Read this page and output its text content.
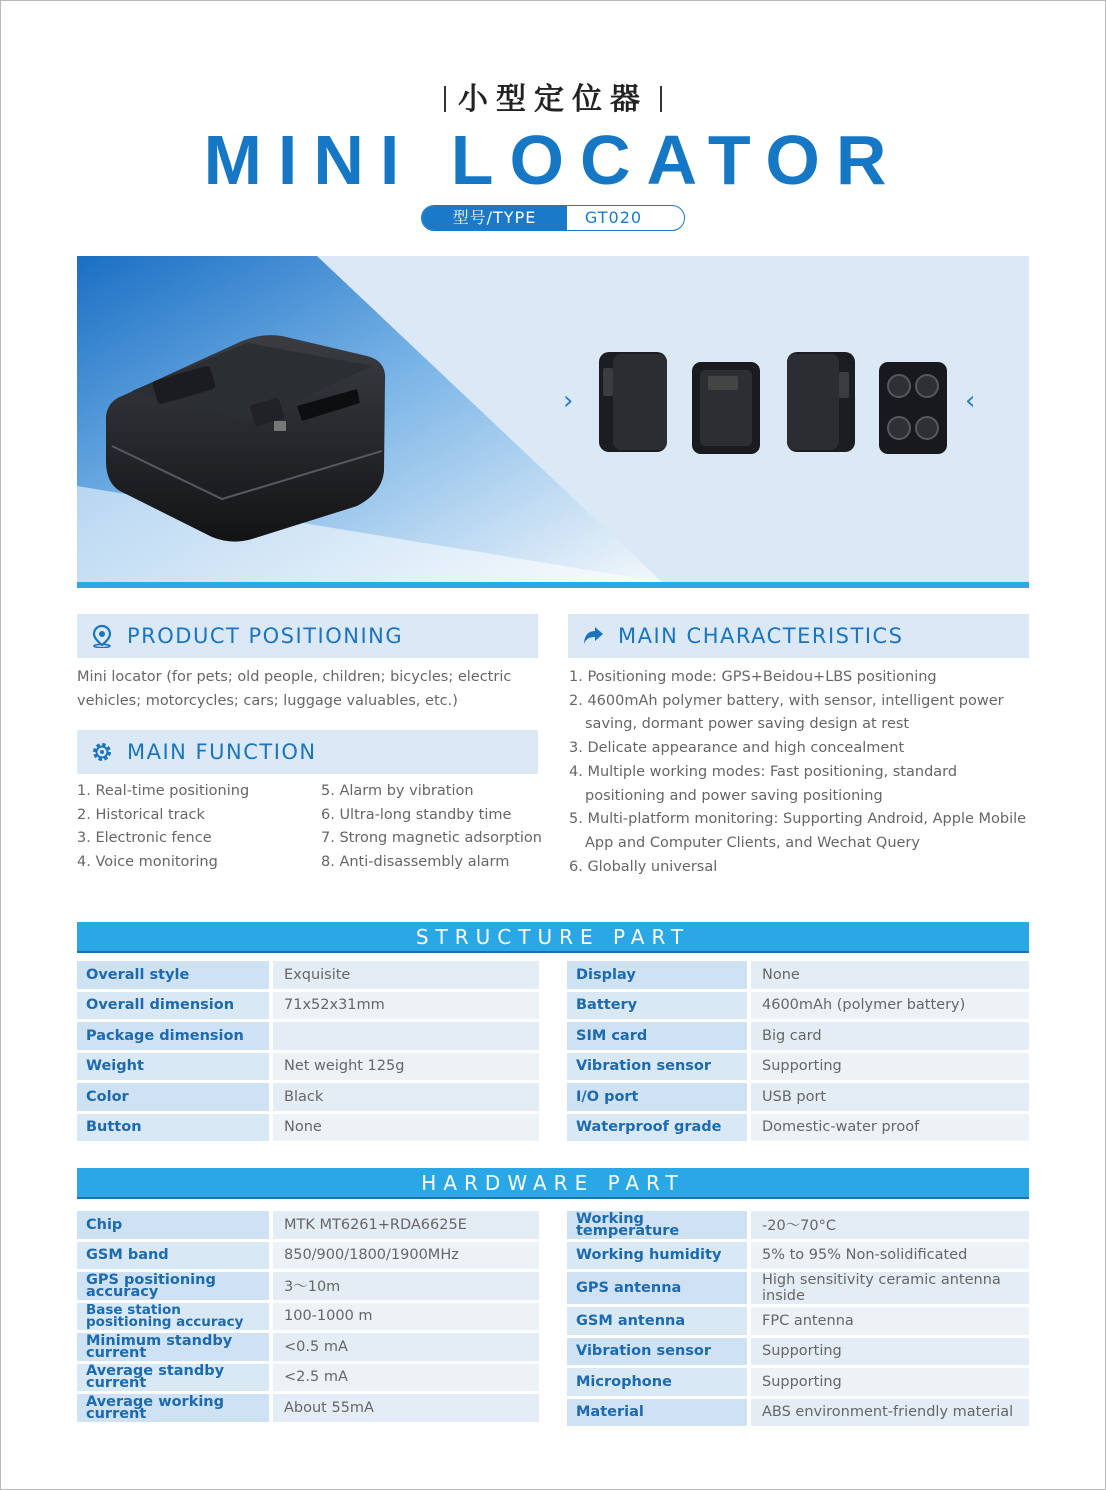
小型定位器
MINI LOCATOR
型号/TYPE	GT020
›	‹
PRODUCT POSITIONING
Mini locator (for pets; old people, children; bicycles; electric vehicles; motorcycles; cars; luggage valuables, etc.)
MAIN FUNCTION
1. Real-time positioning
2. Historical track
3. Electronic fence
4. Voice monitoring
5. Alarm by vibration
6. Ultra-long standby time
7. Strong magnetic adsorption
8. Anti-disassembly alarm
MAIN CHARACTERISTICS
1. Positioning mode: GPS+Beidou+LBS positioning
2. 4600mAh polymer battery, with sensor, intelligent power saving, dormant power saving design at rest
3. Delicate appearance and high concealment
4. Multiple working modes: Fast positioning, standard positioning and power saving positioning
5. Multi-platform monitoring: Supporting Android, Apple Mobile App and Computer Clients, and Wechat Query
6. Globally universal
STRUCTURE PART
Overall style		Exquisite
Overall dimension		71x52x31mm
Package dimension		
Weight		Net weight 125g
Color		Black
Button		None
Display		None
Battery		4600mAh (polymer battery)
SIM card		Big card
Vibration sensor		Supporting
I/O port		USB port
Waterproof grade		Domestic-water proof
HARDWARE PART
Chip		MTK MT6261+RDA6625E
GSM band		850/900/1800/1900MHz
GPS positioning accuracy		3～10m
Base station positioning accuracy		100-1000 m
Minimum standby current		<0.5 mA
Average standby current		<2.5 mA
Average working current		About 55mA
Working temperature		-20～70°C
Working humidity		5% to 95% Non-solidificated
GPS antenna		High sensitivity ceramic antenna inside
GSM antenna		FPC antenna
Vibration sensor		Supporting
Microphone		Supporting
Material		ABS environment-friendly material
